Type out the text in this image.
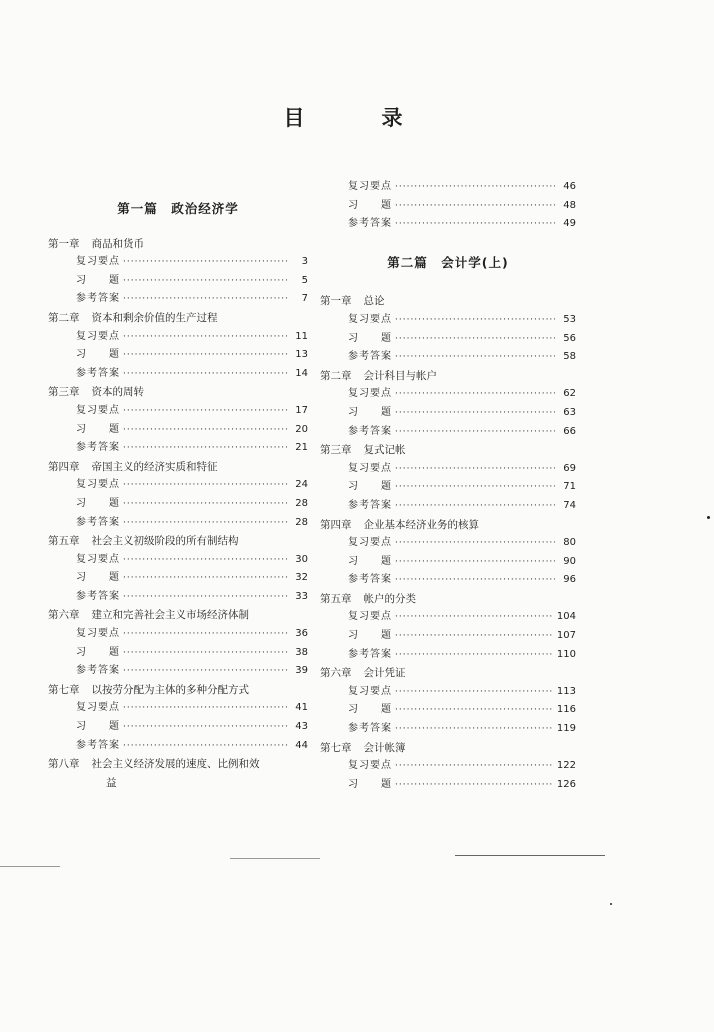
目　录
第一篇　政治经济学
第一章 商品和货币
复习要点 ·····	3
习　　题 ·····	5
参考答案 ·····	7
第二章 资本和剩余价值的生产过程
复习要点 ·····	11
习　　题 ·····	13
参考答案 ·····	14
第三章 资本的周转
复习要点 ·····	17
习　　题 ·····	20
参考答案 ·····	21
第四章 帝国主义的经济实质和特征
复习要点 ·····	24
习　　题 ·····	28
参考答案 ·····	28
第五章 社会主义初级阶段的所有制结构
复习要点 ·····	30
习　　题 ·····	32
参考答案 ·····	33
第六章 建立和完善社会主义市场经济体制
复习要点 ·····	36
习　　题 ·····	38
参考答案 ·····	39
第七章 以按劳分配为主体的多种分配方式
复习要点 ·····	41
习　　题 ·····	43
参考答案 ·····	44
第八章 社会主义经济发展的速度、比例和效
益
复习要点 ·····	46
习　　题 ·····	48
参考答案 ·····	49
第二篇　会计学(上)
第一章 总论
复习要点 ·····	53
习　　题 ·····	56
参考答案 ·····	58
第二章 会计科目与帐户
复习要点 ·····	62
习　　题 ·····	63
参考答案 ·····	66
第三章 复式记帐
复习要点 ·····	69
习　　题 ·····	71
参考答案 ·····	74
第四章 企业基本经济业务的核算
复习要点 ·····	80
习　　题 ·····	90
参考答案 ·····	96
第五章 帐户的分类
复习要点 ·····	104
习　　题 ·····	107
参考答案 ·····	110
第六章 会计凭证
复习要点 ·····	113
习　　题 ·····	116
参考答案 ·····	119
第七章 会计帐簿
复习要点 ·····	122
习　　题 ·····	126
